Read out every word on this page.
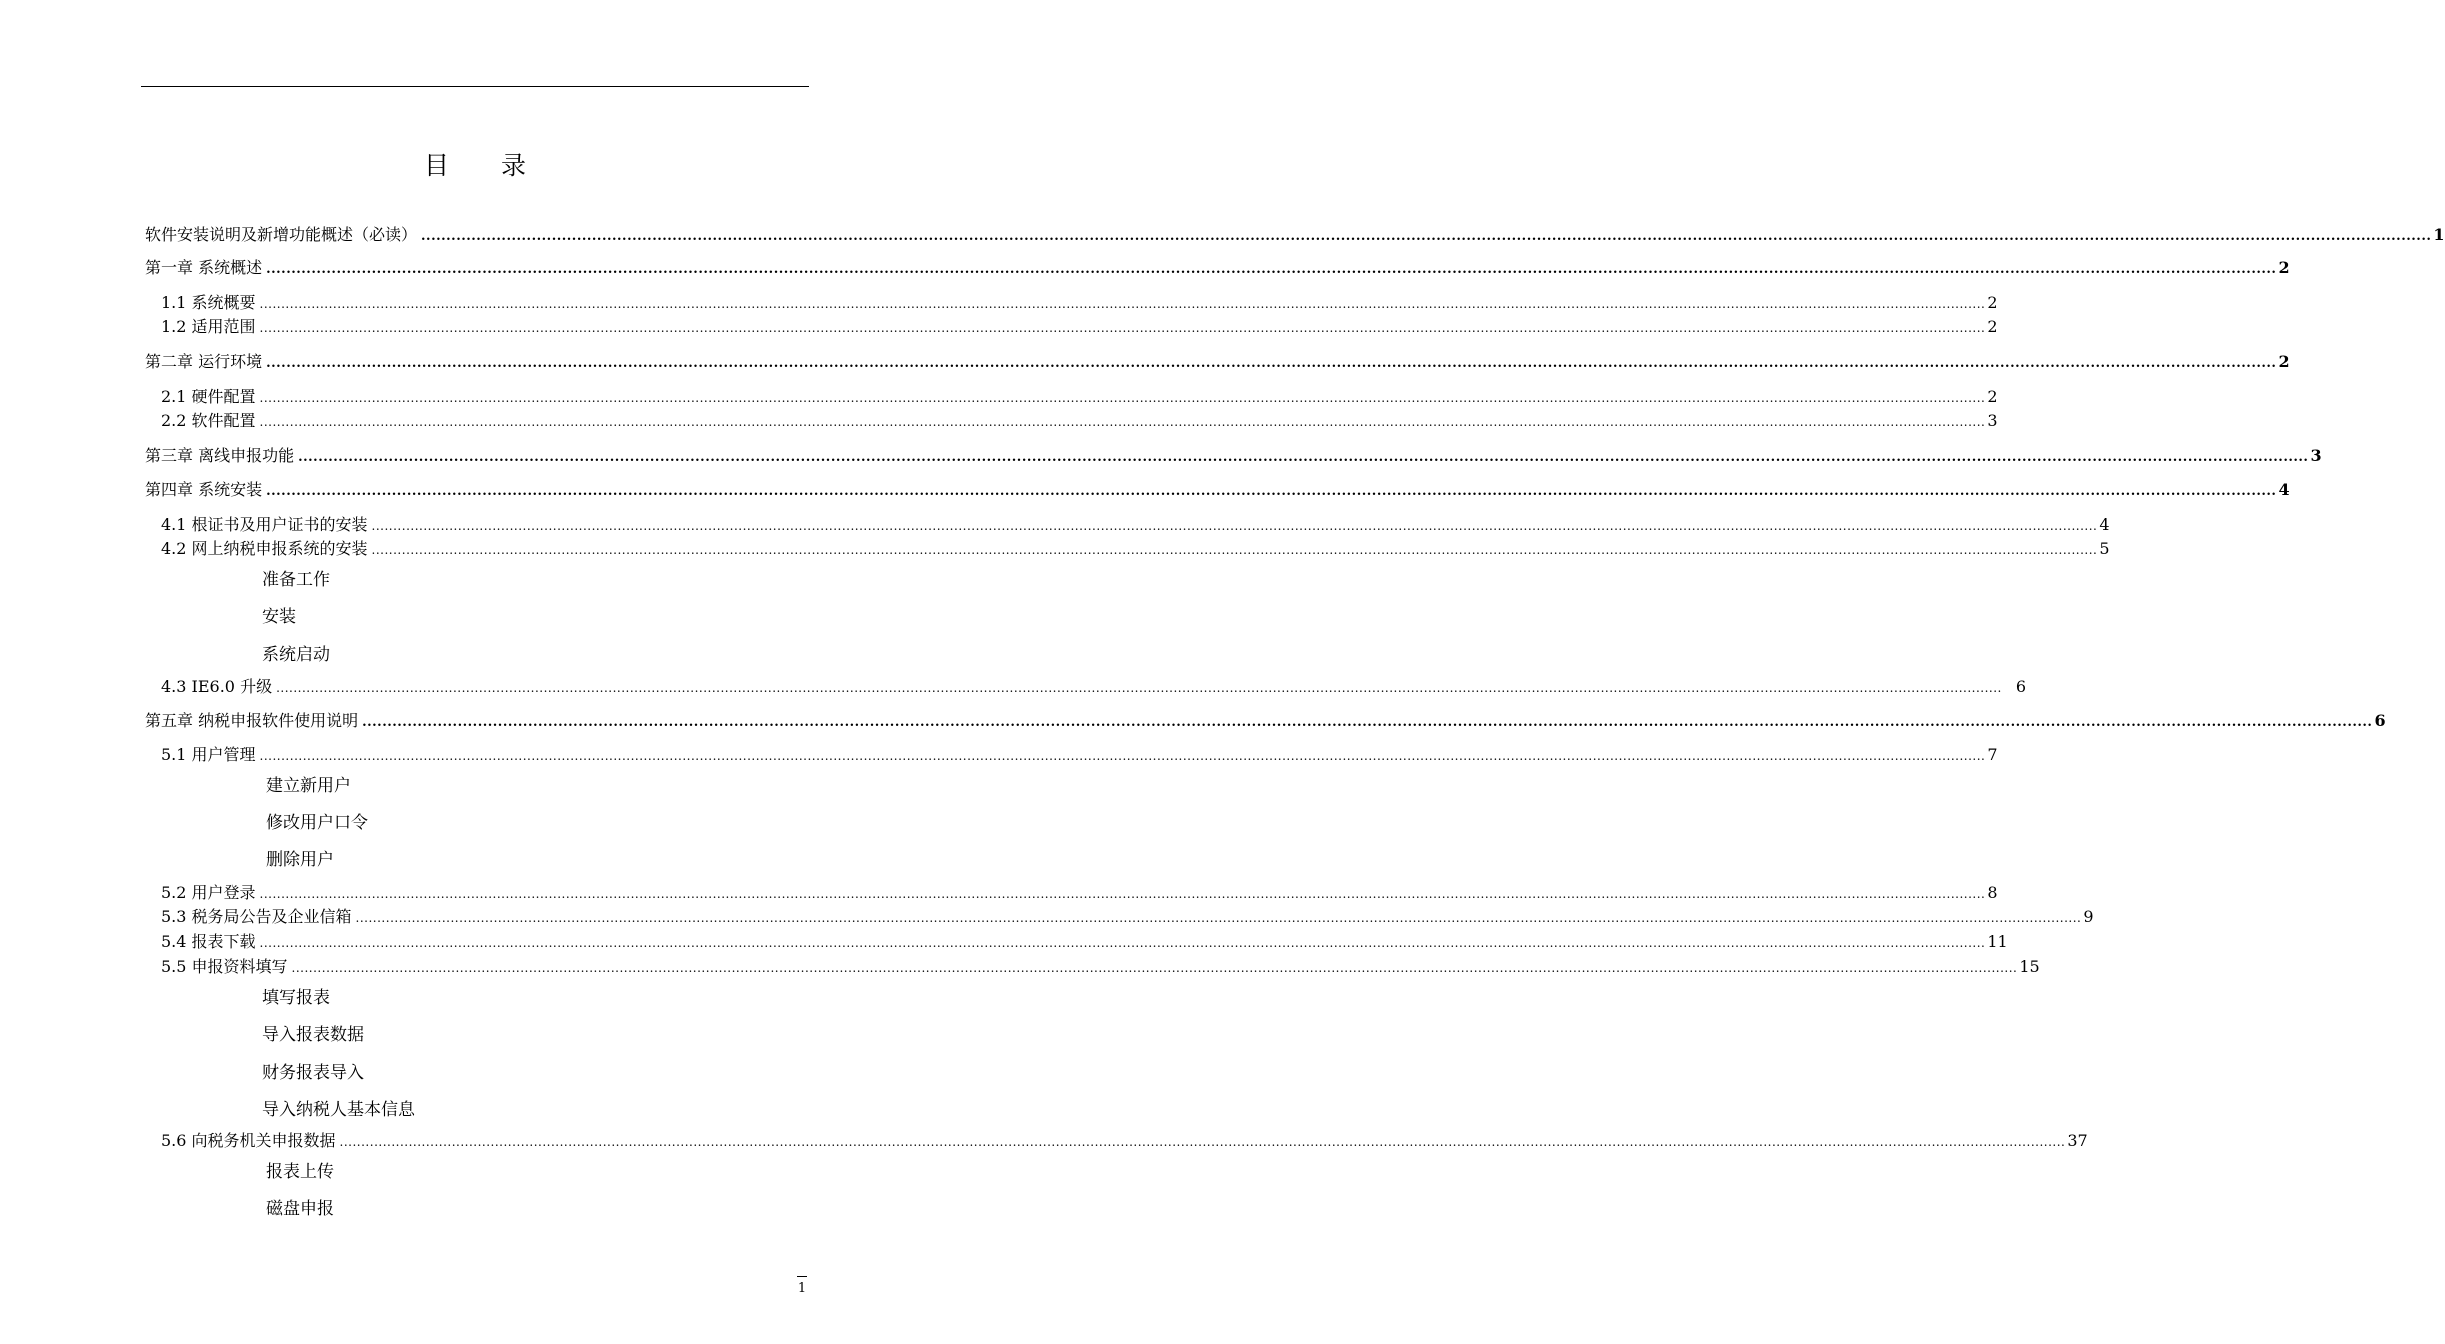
目 录
软件安装说明及新增功能概述（必读） ................................................................................................................................................................................................................................................................................................................................................................................................................ 1
第一章 系统概述 ................................................................................................................................................................................................................................................................................................................................................................................................................ 2
1.1 系统概要 ................................................................................................................................................................................................................................................................................................................................................................................................................ 2
1.2 适用范围 ................................................................................................................................................................................................................................................................................................................................................................................................................ 2
第二章 运行环境 ................................................................................................................................................................................................................................................................................................................................................................................................................ 2
2.1 硬件配置 ................................................................................................................................................................................................................................................................................................................................................................................................................ 2
2.2 软件配置 ................................................................................................................................................................................................................................................................................................................................................................................................................ 3
第三章 离线申报功能 ................................................................................................................................................................................................................................................................................................................................................................................................................ 3
第四章 系统安装 ................................................................................................................................................................................................................................................................................................................................................................................................................ 4
4.1 根证书及用户证书的安装 ................................................................................................................................................................................................................................................................................................................................................................................................................ 4
4.2 网上纳税申报系统的安装 ................................................................................................................................................................................................................................................................................................................................................................................................................ 5
准备工作
安装
系统启动
4.3 IE6.0 升级 ................................................................................................................................................................................................................................................................................................................................................................................................................ 6
第五章 纳税申报软件使用说明 ................................................................................................................................................................................................................................................................................................................................................................................................................ 6
5.1 用户管理 ................................................................................................................................................................................................................................................................................................................................................................................................................ 7
建立新用户
修改用户口令
删除用户
5.2 用户登录 ................................................................................................................................................................................................................................................................................................................................................................................................................ 8
5.3 税务局公告及企业信箱 ................................................................................................................................................................................................................................................................................................................................................................................................................ 9
5.4 报表下载 ................................................................................................................................................................................................................................................................................................................................................................................................................ 11
5.5 申报资料填写 ................................................................................................................................................................................................................................................................................................................................................................................................................ 15
填写报表
导入报表数据
财务报表导入
导入纳税人基本信息
5.6 向税务机关申报数据 ................................................................................................................................................................................................................................................................................................................................................................................................................ 37
报表上传
磁盘申报
1
